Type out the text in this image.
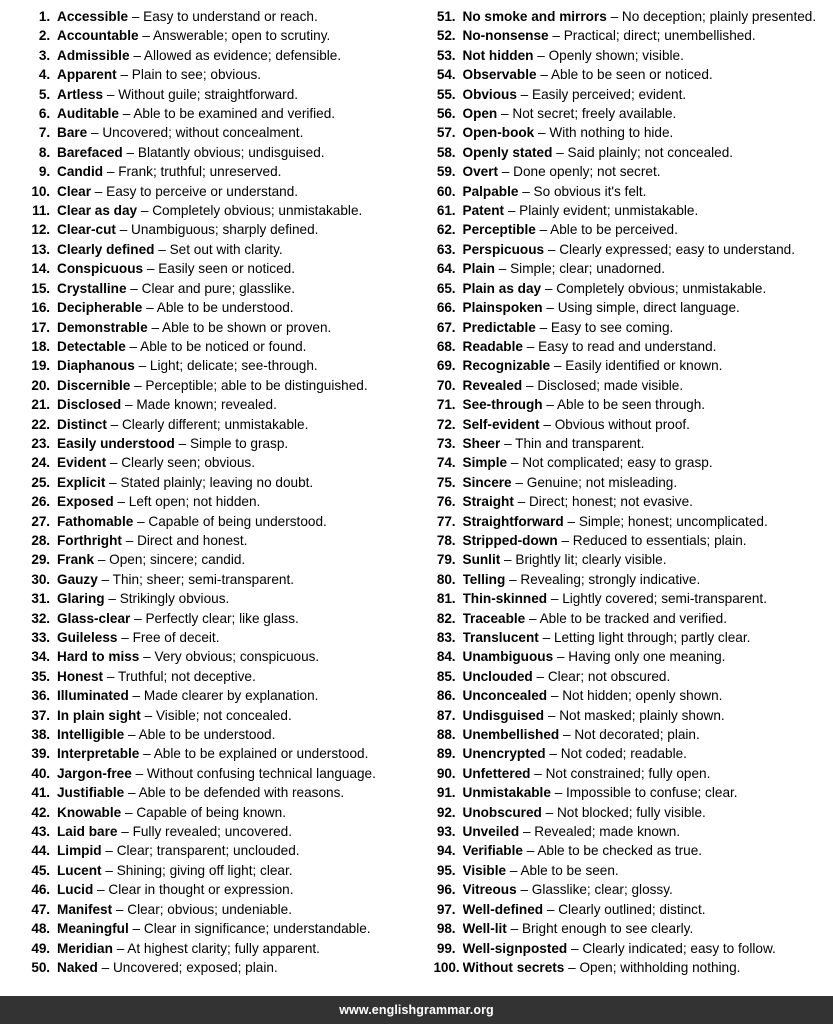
1. Accessible – Easy to understand or reach.
2. Accountable – Answerable; open to scrutiny.
3. Admissible – Allowed as evidence; defensible.
4. Apparent – Plain to see; obvious.
5. Artless – Without guile; straightforward.
6. Auditable – Able to be examined and verified.
7. Bare – Uncovered; without concealment.
8. Barefaced – Blatantly obvious; undisguised.
9. Candid – Frank; truthful; unreserved.
10. Clear – Easy to perceive or understand.
11. Clear as day – Completely obvious; unmistakable.
12. Clear-cut – Unambiguous; sharply defined.
13. Clearly defined – Set out with clarity.
14. Conspicuous – Easily seen or noticed.
15. Crystalline – Clear and pure; glasslike.
16. Decipherable – Able to be understood.
17. Demonstrable – Able to be shown or proven.
18. Detectable – Able to be noticed or found.
19. Diaphanous – Light; delicate; see-through.
20. Discernible – Perceptible; able to be distinguished.
21. Disclosed – Made known; revealed.
22. Distinct – Clearly different; unmistakable.
23. Easily understood – Simple to grasp.
24. Evident – Clearly seen; obvious.
25. Explicit – Stated plainly; leaving no doubt.
26. Exposed – Left open; not hidden.
27. Fathomable – Capable of being understood.
28. Forthright – Direct and honest.
29. Frank – Open; sincere; candid.
30. Gauzy – Thin; sheer; semi-transparent.
31. Glaring – Strikingly obvious.
32. Glass-clear – Perfectly clear; like glass.
33. Guileless – Free of deceit.
34. Hard to miss – Very obvious; conspicuous.
35. Honest – Truthful; not deceptive.
36. Illuminated – Made clearer by explanation.
37. In plain sight – Visible; not concealed.
38. Intelligible – Able to be understood.
39. Interpretable – Able to be explained or understood.
40. Jargon-free – Without confusing technical language.
41. Justifiable – Able to be defended with reasons.
42. Knowable – Capable of being known.
43. Laid bare – Fully revealed; uncovered.
44. Limpid – Clear; transparent; unclouded.
45. Lucent – Shining; giving off light; clear.
46. Lucid – Clear in thought or expression.
47. Manifest – Clear; obvious; undeniable.
48. Meaningful – Clear in significance; understandable.
49. Meridian – At highest clarity; fully apparent.
50. Naked – Uncovered; exposed; plain.
51. No smoke and mirrors – No deception; plainly presented.
52. No-nonsense – Practical; direct; unembellished.
53. Not hidden – Openly shown; visible.
54. Observable – Able to be seen or noticed.
55. Obvious – Easily perceived; evident.
56. Open – Not secret; freely available.
57. Open-book – With nothing to hide.
58. Openly stated – Said plainly; not concealed.
59. Overt – Done openly; not secret.
60. Palpable – So obvious it's felt.
61. Patent – Plainly evident; unmistakable.
62. Perceptible – Able to be perceived.
63. Perspicuous – Clearly expressed; easy to understand.
64. Plain – Simple; clear; unadorned.
65. Plain as day – Completely obvious; unmistakable.
66. Plainspoken – Using simple, direct language.
67. Predictable – Easy to see coming.
68. Readable – Easy to read and understand.
69. Recognizable – Easily identified or known.
70. Revealed – Disclosed; made visible.
71. See-through – Able to be seen through.
72. Self-evident – Obvious without proof.
73. Sheer – Thin and transparent.
74. Simple – Not complicated; easy to grasp.
75. Sincere – Genuine; not misleading.
76. Straight – Direct; honest; not evasive.
77. Straightforward – Simple; honest; uncomplicated.
78. Stripped-down – Reduced to essentials; plain.
79. Sunlit – Brightly lit; clearly visible.
80. Telling – Revealing; strongly indicative.
81. Thin-skinned – Lightly covered; semi-transparent.
82. Traceable – Able to be tracked and verified.
83. Translucent – Letting light through; partly clear.
84. Unambiguous – Having only one meaning.
85. Unclouded – Clear; not obscured.
86. Unconcealed – Not hidden; openly shown.
87. Undisguised – Not masked; plainly shown.
88. Unembellished – Not decorated; plain.
89. Unencrypted – Not coded; readable.
90. Unfettered – Not constrained; fully open.
91. Unmistakable – Impossible to confuse; clear.
92. Unobscured – Not blocked; fully visible.
93. Unveiled – Revealed; made known.
94. Verifiable – Able to be checked as true.
95. Visible – Able to be seen.
96. Vitreous – Glasslike; clear; glossy.
97. Well-defined – Clearly outlined; distinct.
98. Well-lit – Bright enough to see clearly.
99. Well-signposted – Clearly indicated; easy to follow.
100. Without secrets – Open; withholding nothing.
www.englishgrammar.org
